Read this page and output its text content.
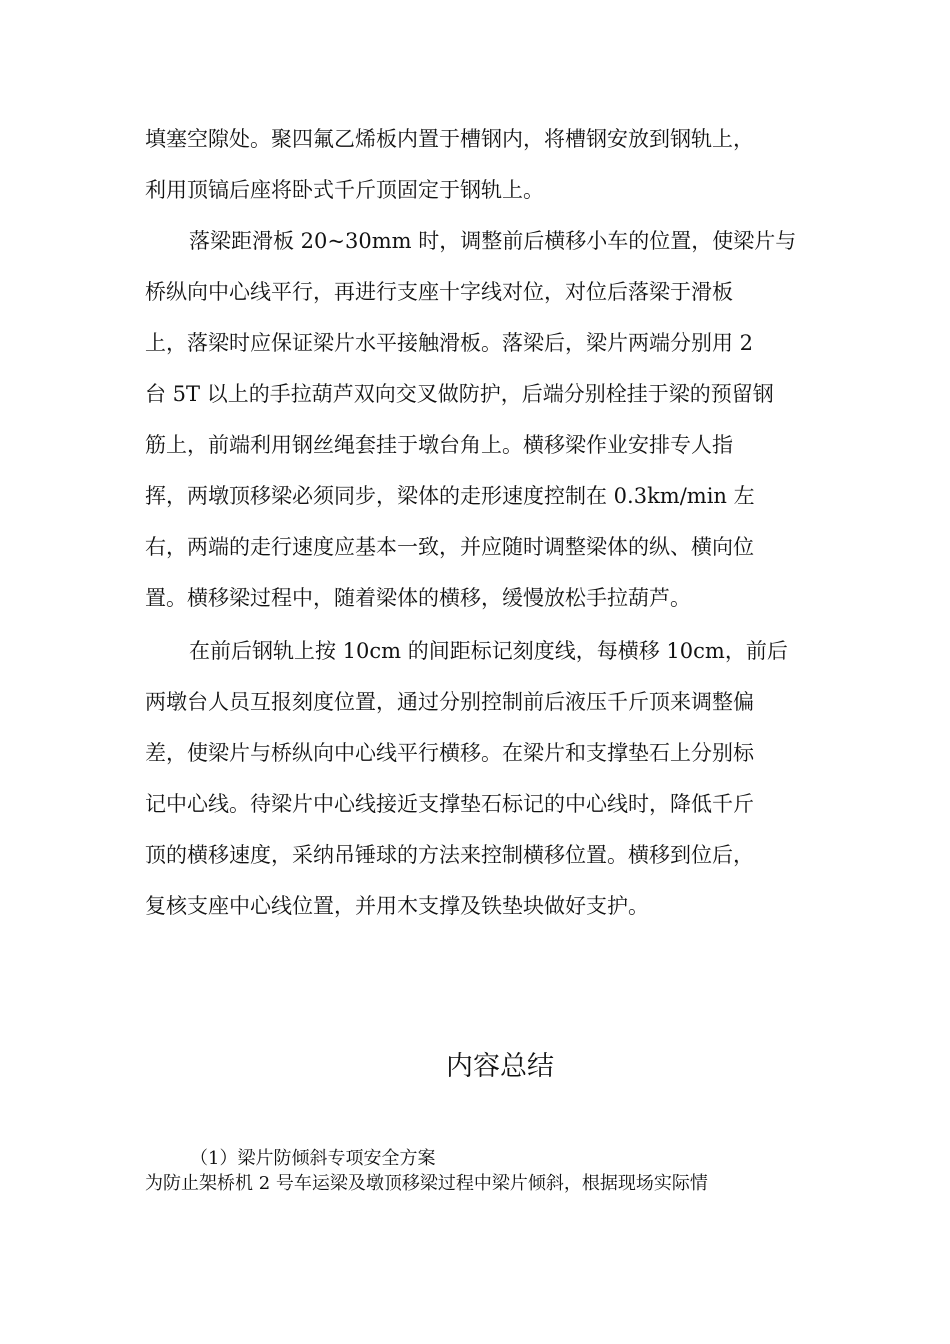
填塞空隙处。聚四氟乙烯板内置于槽钢内，将槽钢安放到钢轨上，
利用顶镐后座将卧式千斤顶固定于钢轨上。
落梁距滑板 20~30mm 时，调整前后横移小车的位置，使梁片与
桥纵向中心线平行，再进行支座十字线对位，对位后落梁于滑板
上，落梁时应保证梁片水平接触滑板。落梁后，梁片两端分别用 2
台 5T 以上的手拉葫芦双向交叉做防护，后端分别栓挂于梁的预留钢
筋上，前端利用钢丝绳套挂于墩台角上。横移梁作业安排专人指
挥，两墩顶移梁必须同步，梁体的走形速度控制在 0.3km/min 左
右，两端的走行速度应基本一致，并应随时调整梁体的纵、横向位
置。横移梁过程中，随着梁体的横移，缓慢放松手拉葫芦。
在前后钢轨上按 10cm 的间距标记刻度线，每横移 10cm，前后
两墩台人员互报刻度位置，通过分别控制前后液压千斤顶来调整偏
差，使梁片与桥纵向中心线平行横移。在梁片和支撑垫石上分别标
记中心线。待梁片中心线接近支撑垫石标记的中心线时，降低千斤
顶的横移速度，采纳吊锤球的方法来控制横移位置。横移到位后，
复核支座中心线位置，并用木支撑及铁垫块做好支护。
内容总结
（1）梁片防倾斜专项安全方案
为防止架桥机 2 号车运梁及墩顶移梁过程中梁片倾斜，根据现场实际情
